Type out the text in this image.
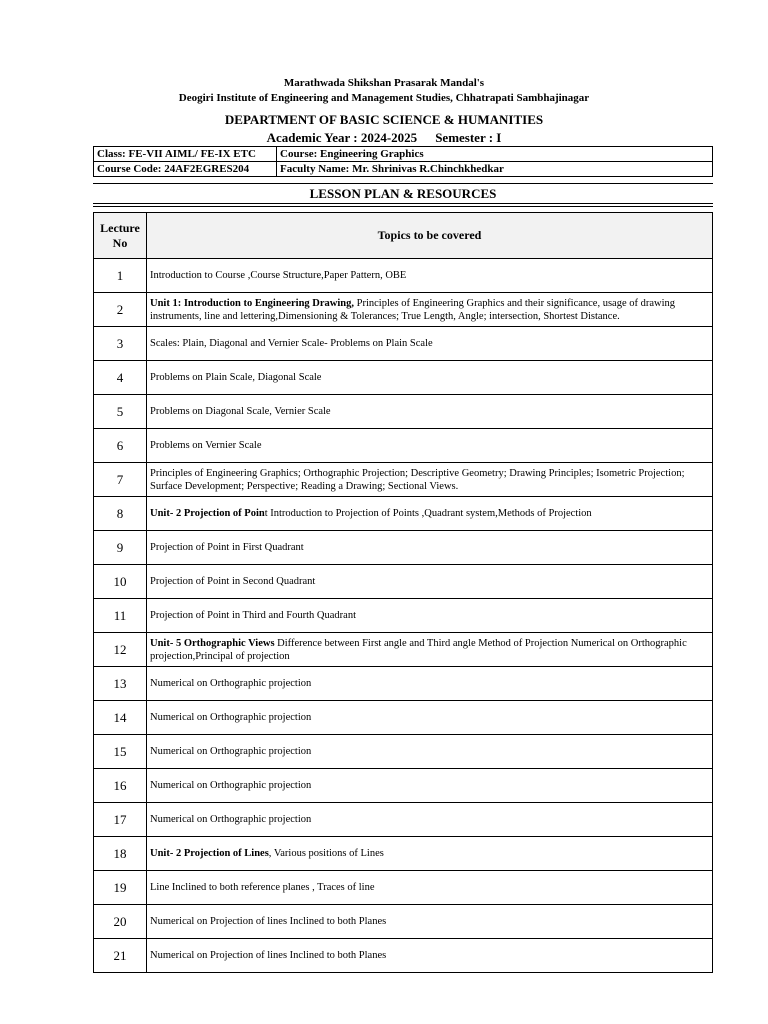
Marathwada Shikshan Prasarak Mandal's
Deogiri Institute of Engineering and Management Studies, Chhatrapati Sambhajinagar
DEPARTMENT OF BASIC SCIENCE & HUMANITIES
Academic Year : 2024-2025 Semester : I
Class: FE-VII AIML/ FE-IX ETC	Course: Engineering Graphics
Course Code: 24AF2EGRES204	Faculty Name: Mr. Shrinivas R.Chinchkhedkar
LESSON PLAN & RESOURCES
Lecture No	Topics to be covered
1	Introduction to Course ,Course Structure,Paper Pattern, OBE
2	Unit 1: Introduction to Engineering Drawing, Principles of Engineering Graphics and their significance, usage of drawing instruments, line and lettering,Dimensioning & Tolerances; True Length, Angle; intersection, Shortest Distance.
3	Scales: Plain, Diagonal and Vernier Scale- Problems on Plain Scale
4	Problems on Plain Scale, Diagonal Scale
5	Problems on Diagonal Scale, Vernier Scale
6	Problems on Vernier Scale
7	Principles of Engineering Graphics; Orthographic Projection; Descriptive Geometry; Drawing Principles; Isometric Projection; Surface Development; Perspective; Reading a Drawing; Sectional Views.
8	Unit- 2 Projection of Point Introduction to Projection of Points ,Quadrant system,Methods of Projection
9	Projection of Point in First Quadrant
10	Projection of Point in Second Quadrant
11	Projection of Point in Third and Fourth Quadrant
12	Unit- 5 Orthographic Views Difference between First angle and Third angle Method of Projection Numerical on Orthographic projection,Principal of projection
13	Numerical on Orthographic projection
14	Numerical on Orthographic projection
15	Numerical on Orthographic projection
16	Numerical on Orthographic projection
17	Numerical on Orthographic projection
18	Unit- 2 Projection of Lines, Various positions of Lines
19	Line Inclined to both reference planes , Traces of line
20	Numerical on Projection of lines Inclined to both Planes
21	Numerical on Projection of lines Inclined to both Planes
